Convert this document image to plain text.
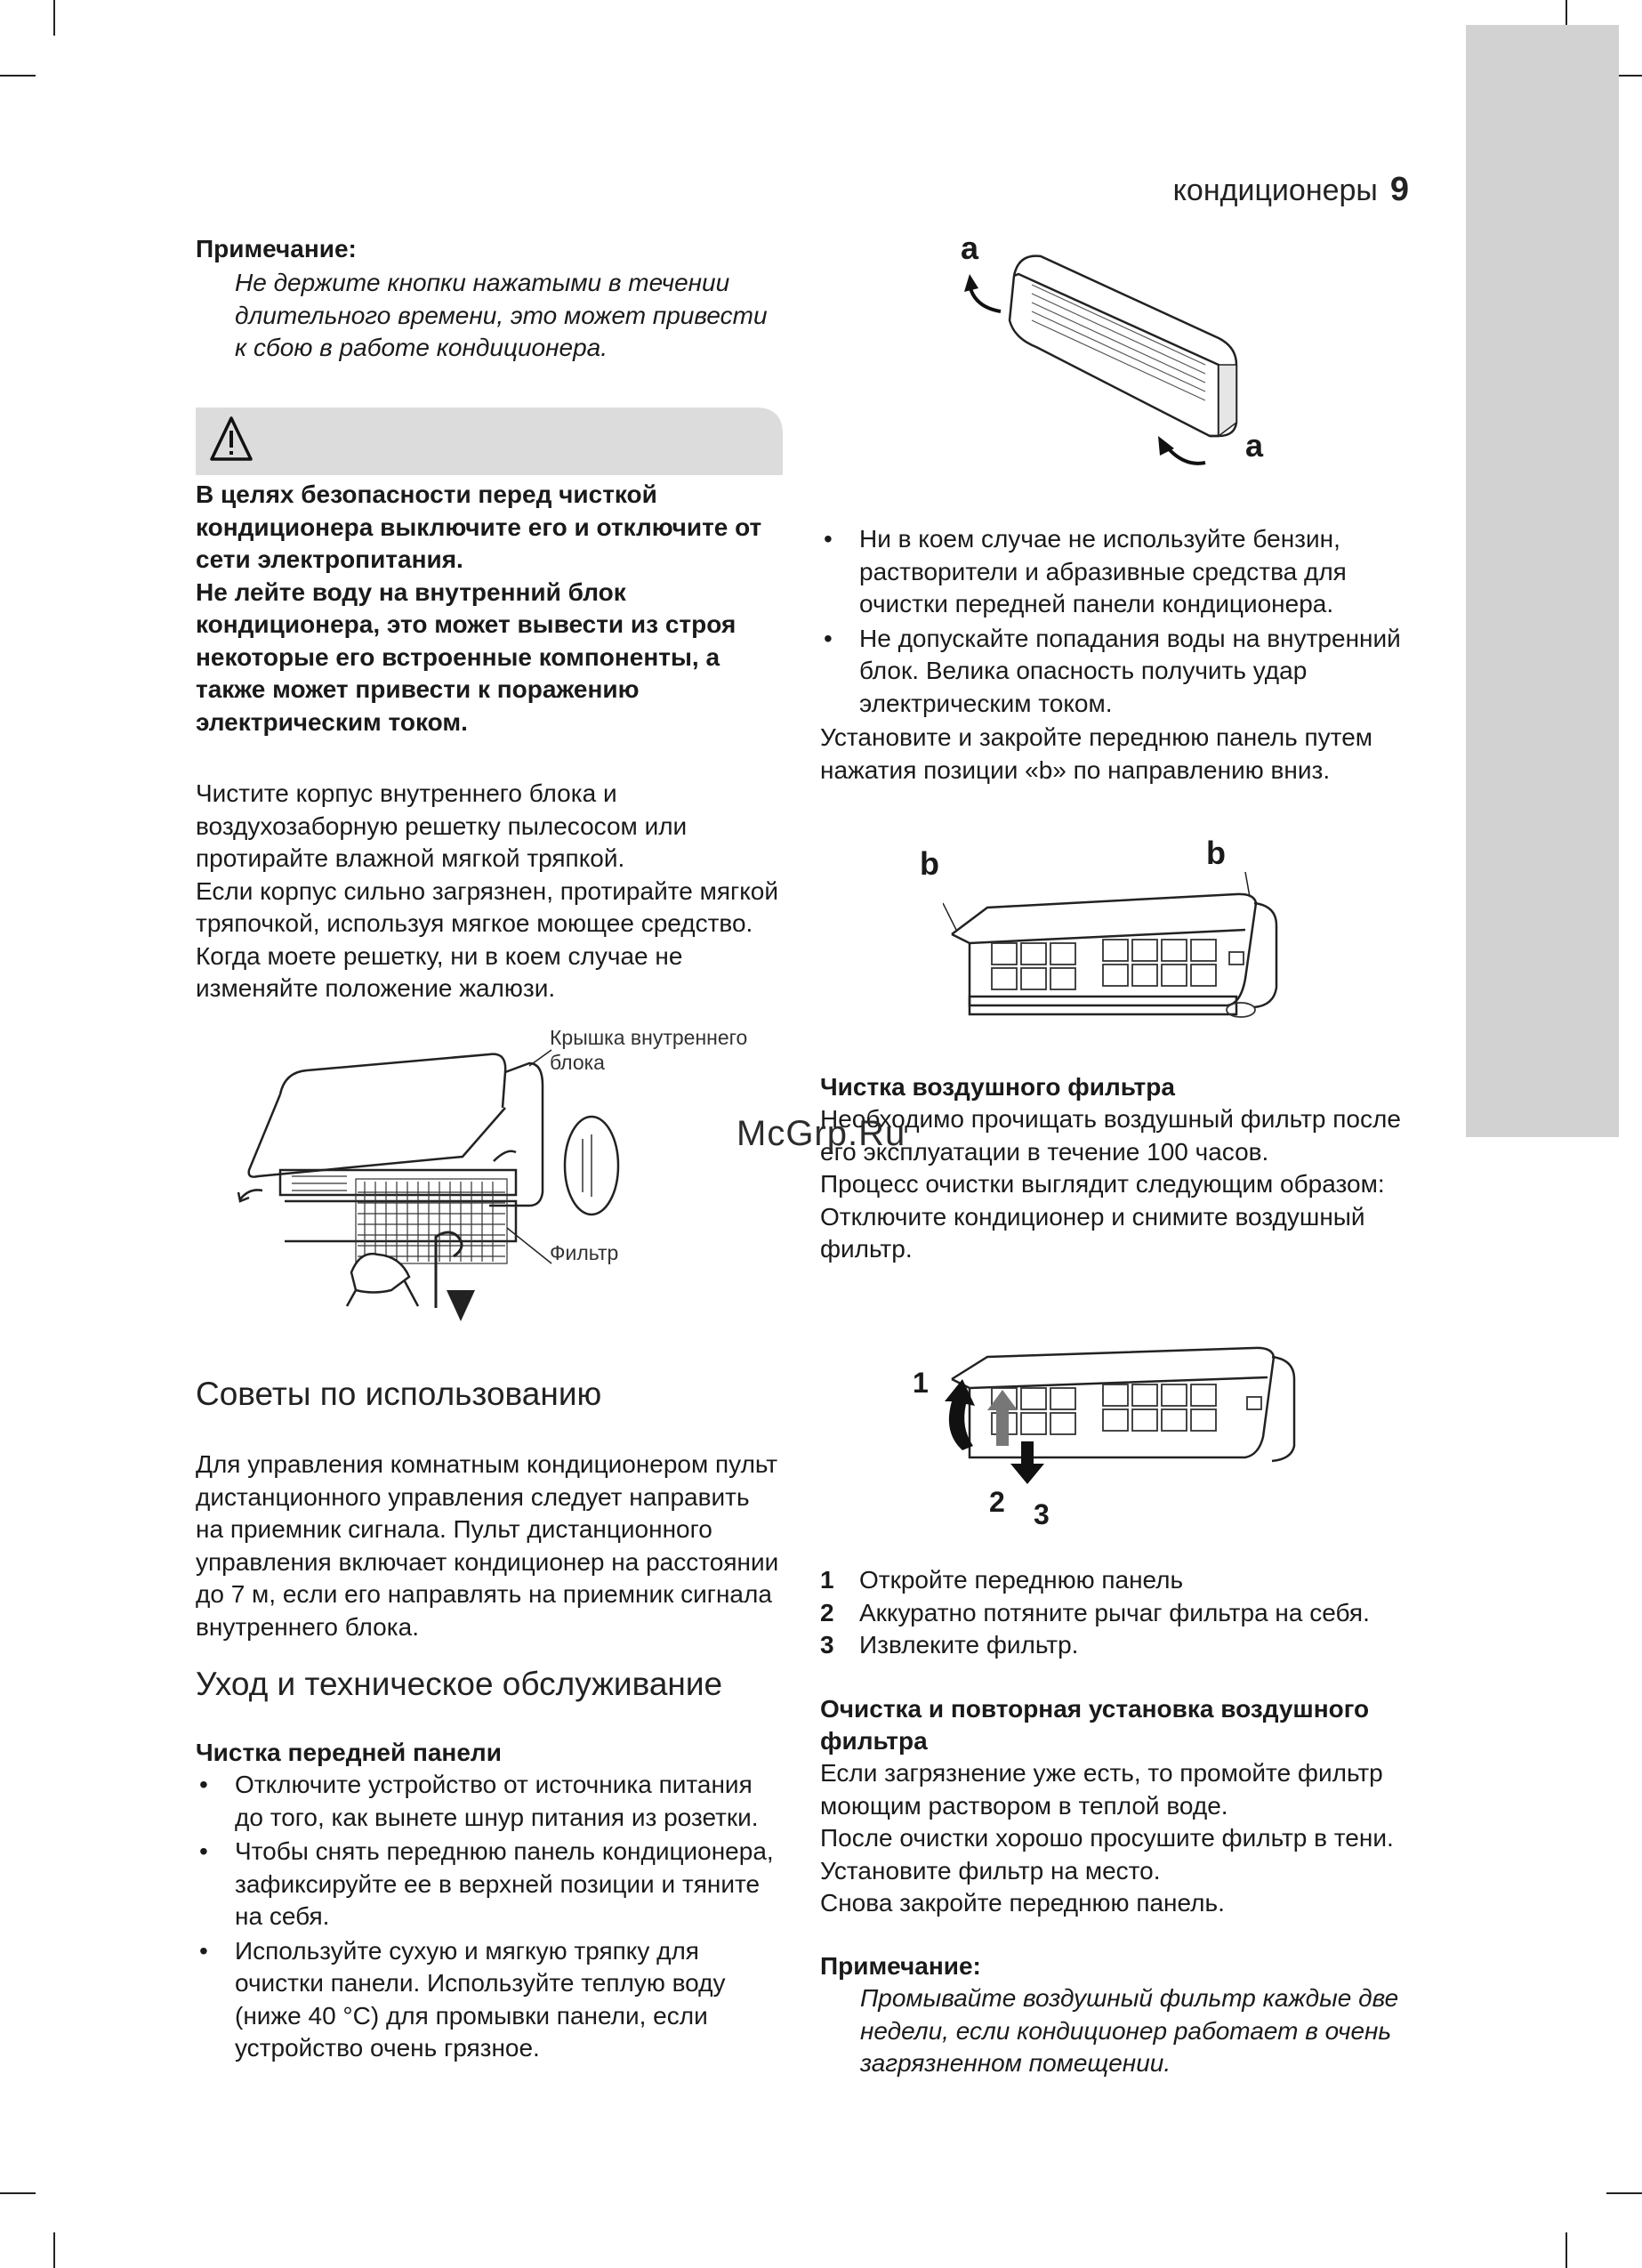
кондиционеры 9

Примечание:

Не держите кнопки нажатыми в течении длительного времени, это может привести к сбою в работе кондиционера.

В целях безопасности перед чисткой кондиционера выключите его и отключите от сети электропитания.

Не лейте воду на внутренний блок кондиционера, это может вывести из строя некоторые его встроенные компоненты, а также может привести к поражению электрическим током.

Чистите корпус внутреннего блока и воздухозаборную решетку пылесосом или протирайте влажной мягкой тряпкой.

Если корпус сильно загрязнен, протирайте мягкой тряпочкой, используя мягкое моющее средство. Когда моете решетку, ни в коем случае не изменяйте положение жалюзи.

Крышка внутреннего блока
Фильтр
Советы по использованию

Для управления комнатным кондиционером пульт дистанционного управления следует направить на приемник сигнала. Пульт дистанционного управления включает кондиционер на расстоянии до 7 м, если его направлять на приемник сигнала внутреннего блока.

Уход и техническое обслуживание

Чистка передней панели

• Отключите устройство от источника питания до того, как вынете шнур питания из розетки.
• Чтобы снять переднюю панель кондиционера, зафиксируйте ее в верхней позиции и тяните на себя.
• Используйте сухую и мягкую тряпку для очистки панели. Используйте теплую воду (ниже 40 °C) для промывки панели, если устройство очень грязное.
a
a
• Ни в коем случае не используйте бензин, растворители и абразивные средства для очистки передней панели кондиционера.
• Не допускайте попадания воды на внутренний блок. Велика опасность получить удар электрическим током.

Установите и закройте переднюю панель путем нажатия позиции «b» по направлению вниз.

b	b

Чистка воздушного фильтра

Необходимо прочищать воздушный фильтр после его эксплуатации в течение 100 часов.

Процесс очистки выглядит следующим образом:

Отключите кондиционер и снимите воздушный фильтр.

McGrp.Ru
1
2 3
1	Откройте переднюю панель
2	Аккуратно потяните рычаг фильтра на себя.
3	Извлеките фильтр.

Очистка и повторная установка воздушного фильтра

Если загрязнение уже есть, то промойте фильтр моющим раствором в теплой воде.

После очистки хорошо просушите фильтр в тени. Установите фильтр на место.

Снова закройте переднюю панель.

Примечание:

Промывайте воздушный фильтр каждые две недели, если кондиционер работает в очень загрязненном помещении.
